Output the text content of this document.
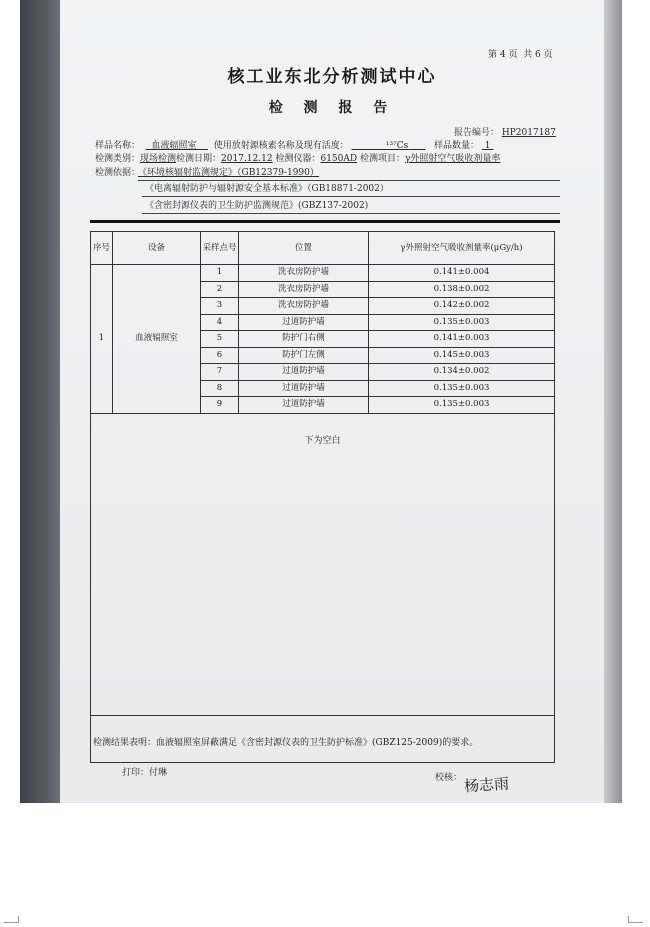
第 4 页 共 6 页
核工业东北分析测试中心
检 测 报 告
报告编号： HP2017187
样品名称： 血液辐照室 使用放射源核素名称及现有活度：	¹³⁷Cs	样品数量： 1
检测类别：现场检测检测日期：2017.12.12 检测仪器：6150AD 检测项目：γ外照射空气吸收剂量率
检测依据：
《环境核辐射监测规定》（GB12379-1990）
《电离辐射防护与辐射源安全基本标准》（GB18871-2002）
《含密封源仪表的卫生防护监测规范》(GBZ137-2002)
序号	设备	采样点号	位置	γ外照射空气吸收剂量率(μGy/h)
1	血液辐照室	1	洗衣房防护墙	0.141±0.004
		2	洗衣房防护墙	0.138±0.002
		3	洗衣房防护墙	0.142±0.002
		4	过道防护墙	0.135±0.003
		5	防护门右侧	0.141±0.003
		6	防护门左侧	0.145±0.003
		7	过道防护墙	0.134±0.002
		8	过道防护墙	0.135±0.003
		9	过道防护墙	0.135±0.003
下为空白
检测结果表明：血液辐照室屏蔽满足《含密封源仪表的卫生防护标准》(GBZ125-2009)的要求。
打印：付琳	校核： 杨志雨
